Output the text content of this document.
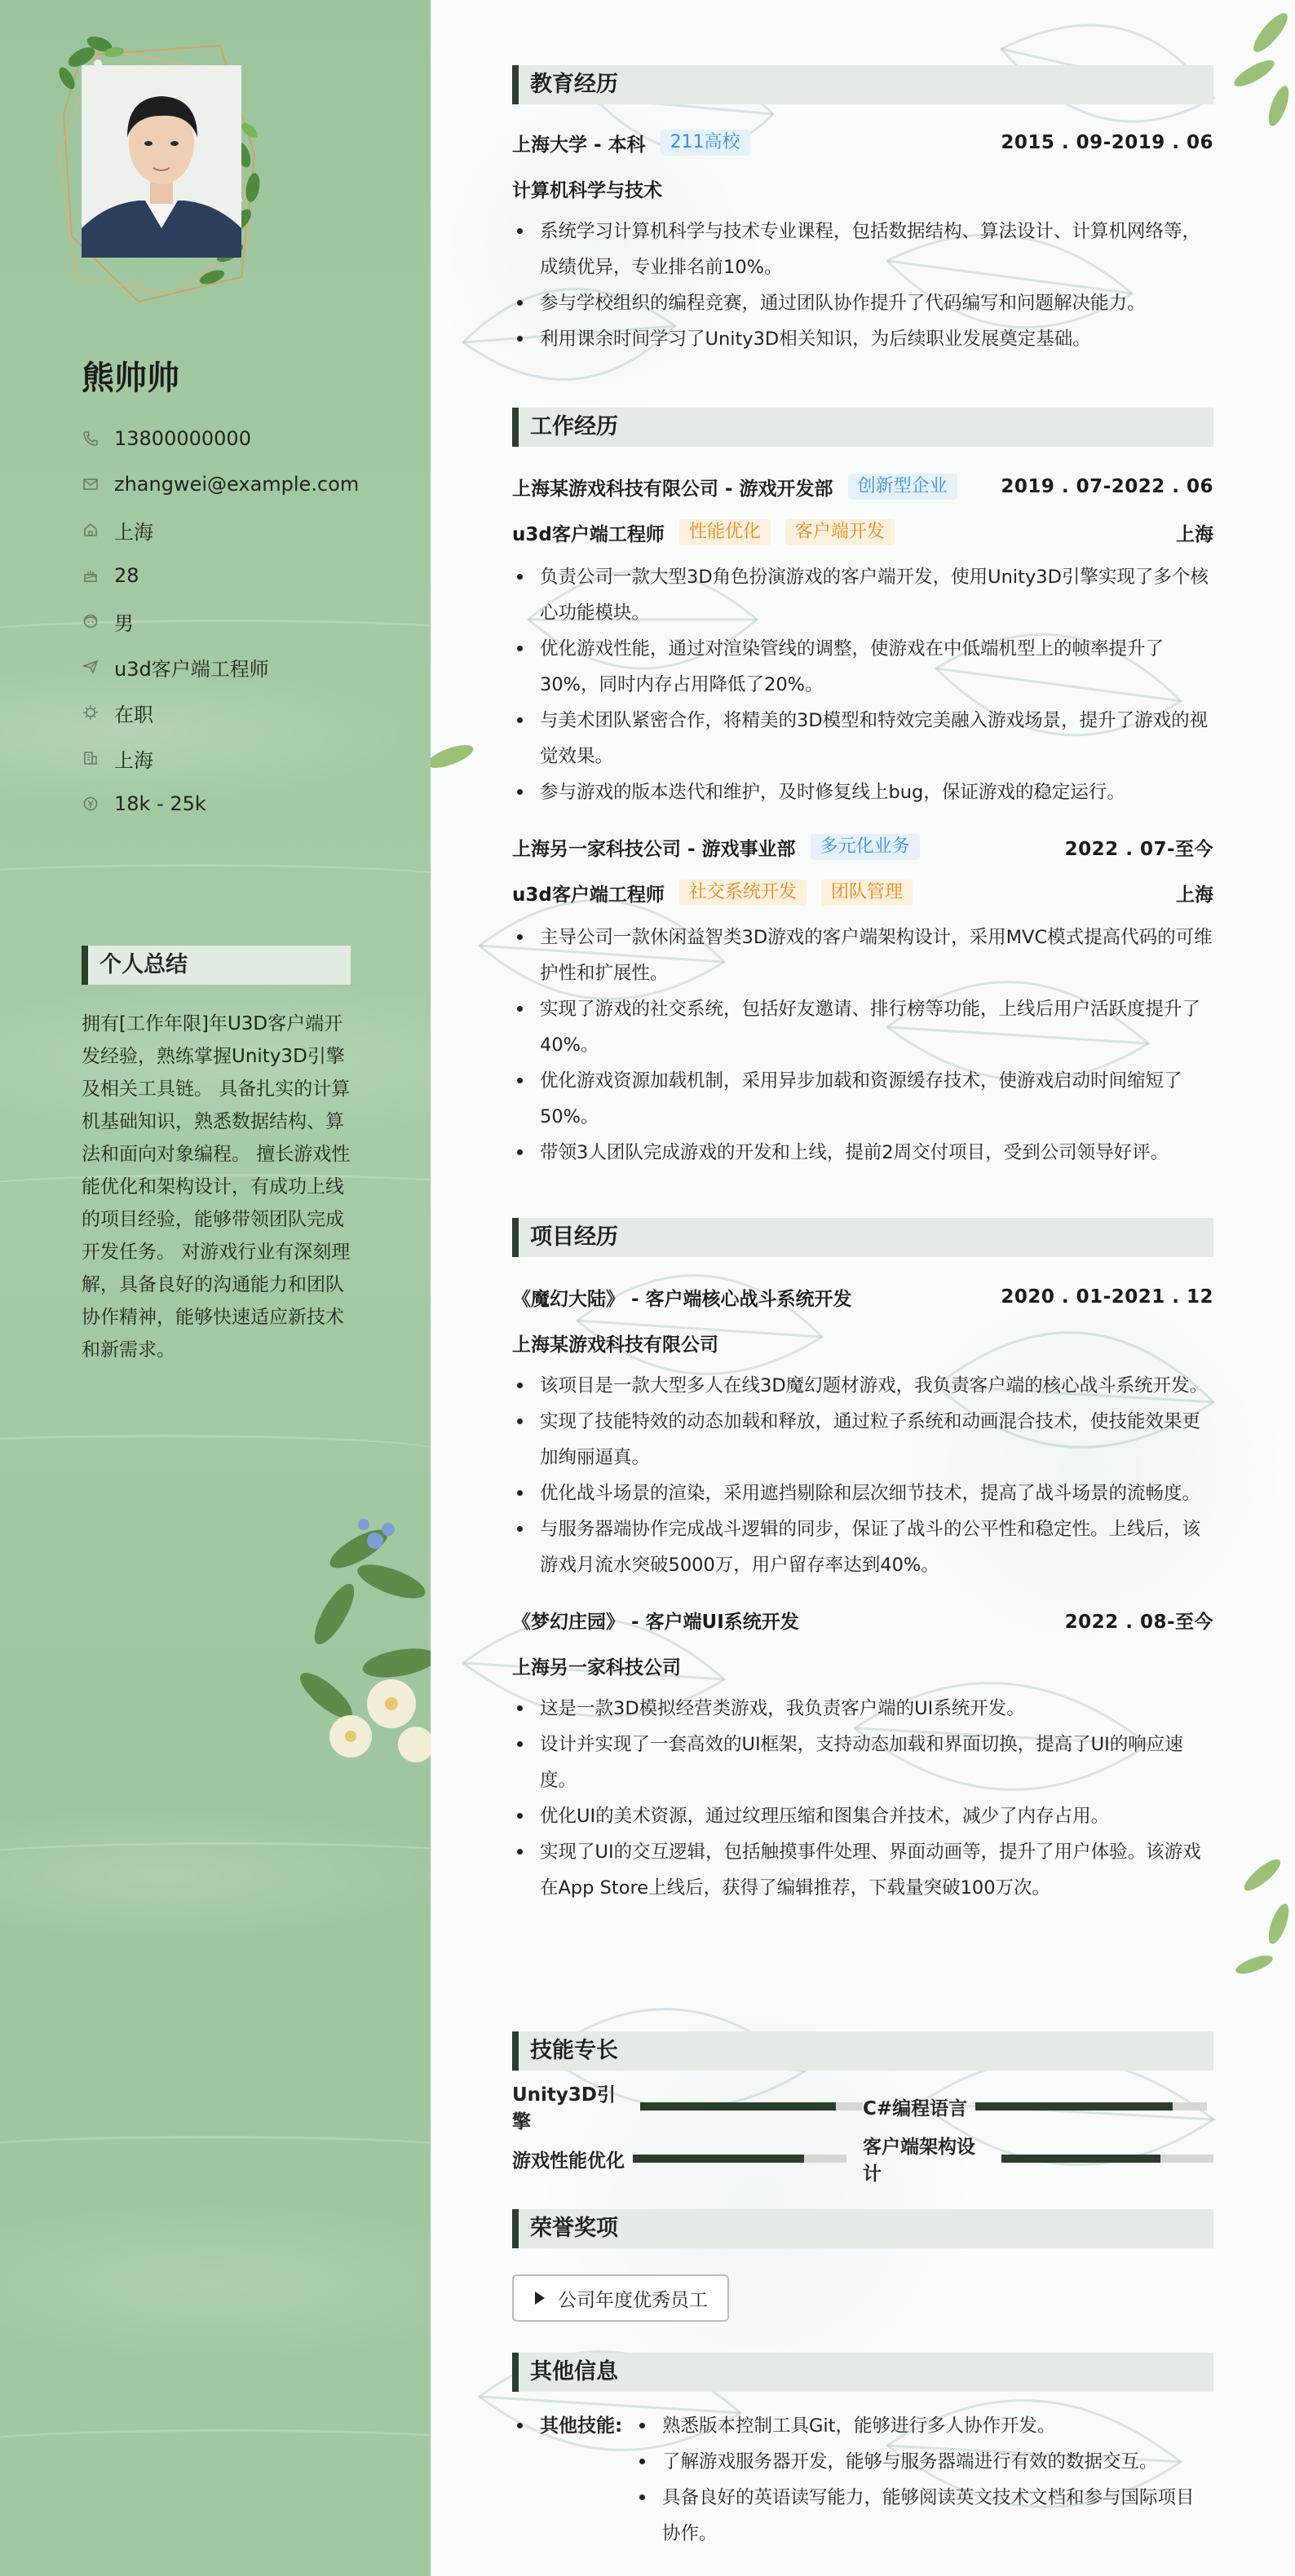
熊帅帅
13800000000
zhangwei@example.com
上海
28
男
u3d客户端工程师
在职
上海
18k - 25k
个人总结
拥有[工作年限]年U3D客户端开发经验，熟练掌握Unity3D引擎及相关工具链。 具备扎实的计算机基础知识，熟悉数据结构、算法和面向对象编程。 擅长游戏性能优化和架构设计，有成功上线的项目经验，能够带领团队完成开发任务。 对游戏行业有深刻理解，具备良好的沟通能力和团队协作精神，能够快速适应新技术和新需求。
教育经历
上海大学 - 本科	211高校	2015 . 09-2019 . 06
计算机科学与技术
系统学习计算机科学与技术专业课程，包括数据结构、算法设计、计算机网络等，成绩优异，专业排名前10%。
参与学校组织的编程竞赛，通过团队协作提升了代码编写和问题解决能力。
利用课余时间学习了Unity3D相关知识，为后续职业发展奠定基础。
工作经历
上海某游戏科技有限公司 - 游戏开发部	创新型企业	2019 . 07-2022 . 06
u3d客户端工程师	性能优化	客户端开发	上海
负责公司一款大型3D角色扮演游戏的客户端开发，使用Unity3D引擎实现了多个核心功能模块。
优化游戏性能，通过对渲染管线的调整，使游戏在中低端机型上的帧率提升了30%，同时内存占用降低了20%。
与美术团队紧密合作，将精美的3D模型和特效完美融入游戏场景，提升了游戏的视觉效果。
参与游戏的版本迭代和维护，及时修复线上bug，保证游戏的稳定运行。
上海另一家科技公司 - 游戏事业部	多元化业务	2022 . 07-至今
u3d客户端工程师	社交系统开发	团队管理	上海
主导公司一款休闲益智类3D游戏的客户端架构设计，采用MVC模式提高代码的可维护性和扩展性。
实现了游戏的社交系统，包括好友邀请、排行榜等功能，上线后用户活跃度提升了40%。
优化游戏资源加载机制，采用异步加载和资源缓存技术，使游戏启动时间缩短了50%。
带领3人团队完成游戏的开发和上线，提前2周交付项目，受到公司领导好评。
项目经历
《魔幻大陆》 - 客户端核心战斗系统开发	2020 . 01-2021 . 12
上海某游戏科技有限公司
该项目是一款大型多人在线3D魔幻题材游戏，我负责客户端的核心战斗系统开发。
实现了技能特效的动态加载和释放，通过粒子系统和动画混合技术，使技能效果更加绚丽逼真。
优化战斗场景的渲染，采用遮挡剔除和层次细节技术，提高了战斗场景的流畅度。
与服务器端协作完成战斗逻辑的同步，保证了战斗的公平性和稳定性。上线后，该游戏月流水突破5000万，用户留存率达到40%。
《梦幻庄园》 - 客户端UI系统开发	2022 . 08-至今
上海另一家科技公司
这是一款3D模拟经营类游戏，我负责客户端的UI系统开发。
设计并实现了一套高效的UI框架，支持动态加载和界面切换，提高了UI的响应速度。
优化UI的美术资源，通过纹理压缩和图集合并技术，减少了内存占用。
实现了UI的交互逻辑，包括触摸事件处理、界面动画等，提升了用户体验。该游戏在App Store上线后，获得了编辑推荐，下载量突破100万次。
技能专长
Unity3D引擎
C#编程语言
游戏性能优化
客户端架构设计
荣誉奖项
公司年度优秀员工
其他信息
其他技能:	熟悉版本控制工具Git，能够进行多人协作开发。
了解游戏服务器开发，能够与服务器端进行有效的数据交互。
具备良好的英语读写能力，能够阅读英文技术文档和参与国际项目协作。
